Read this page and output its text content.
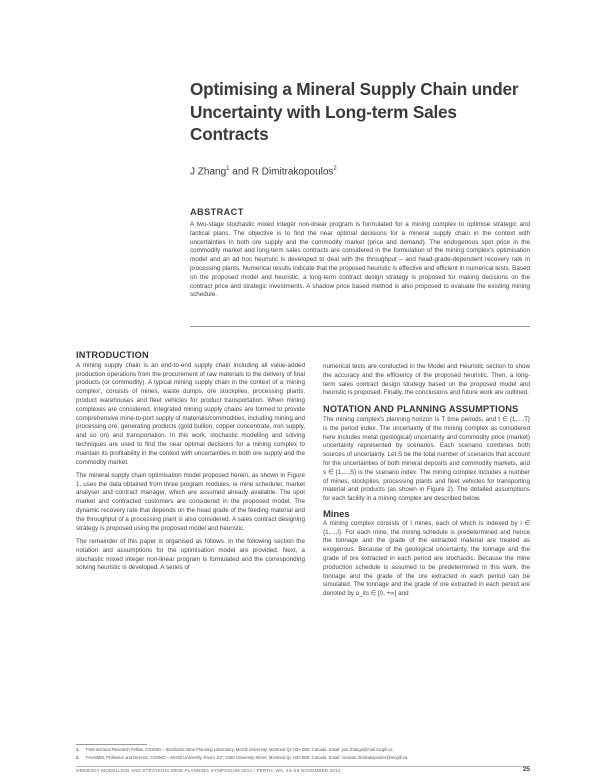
Optimising a Mineral Supply Chain under Uncertainty with Long-term Sales Contracts
J Zhang$^1$ and R Dimitrakopoulos$^2$
ABSTRACT
A two-stage stochastic mixed integer non-linear program is formulated for a mining complex to optimise strategic and tactical plans. The objective is to find the near optimal decisions for a mineral supply chain in the context with uncertainties in both ore supply and the commodity market (price and demand). The endogenous spot price in the commodity market and long-term sales contracts are considered in the formulation of the mining complex's optimisation model and an ad hoc heuristic is developed to deal with the throughput – and head-grade-dependent recovery rate in processing plants. Numerical results indicate that the proposed heuristic is effective and efficient in numerical tests. Based on the proposed model and heuristic, a long-term contract design strategy is proposed for making decisions on the contract price and strategic investments. A shadow price based method is also proposed to evaluate the existing mining schedule.
INTRODUCTION

A mining supply chain is an end-to-end supply chain including all value-added production operations from the procurement of raw materials to the delivery of final products (or commodity). A typical mining supply chain in the context of a 'mining complex', consists of mines, waste dumps, ore stockpiles, processing plants, product warehouses and fleet vehicles for product transportation. When mining complexes are considered, integrated mining supply chains are formed to provide comprehensive mine-to-port supply of materials/commodities, including mining and processing ore, generating products (gold bullion, copper concentrate, iron supply, and so on) and transportation. In this work, stochastic modelling and solving techniques are used to find the near optimal decisions for a mining complex to maintain its profitability in the context with uncertainties in both ore supply and the commodity market.

The mineral supply chain optimisation model proposed herein, as shown in Figure 1, uses the data obtained from three program modules, ie mine scheduler, market analyser and contract manager, which are assumed already available. The spot market and contracted customers are considered in the proposed model. The dynamic recovery rate that depends on the head grade of the feeding material and the throughput of a processing plant is also considered. A sales contract designing strategy is proposed using the proposed model and heuristic.

The remainder of this paper is organised as follows. In the following section the notation and assumptions for the optimisation model are provided. Next, a stochastic mixed integer non-linear program is formulated and the corresponding solving heuristic is developed. A series of

numerical tests are conducted in the Model and Heuristic section to show the accuracy and the efficiency of the proposed heuristic. Then, a long-term sales contract design strategy based on the proposed model and heuristic is proposed. Finally, the conclusions and future work are outlined.

NOTATION AND PLANNING ASSUMPTIONS

The mining complex's planning horizon is T time periods, and t ∈ {1,...,T} is the period index. The uncertainty of the mining complex as considered here includes metal (geological) uncertainty and commodity price (market) uncertainty represented by scenarios. Each scenario combines both sources of uncertainty. Let S be the total number of scenarios that account for the uncertainties of both mineral deposits and commodity markets, and s ∈ {1,...,S} is the scenario index. The mining complex includes a number of mines, stockpiles, processing plants and fleet vehicles for transporting material and products (as shown in Figure 2). The detailed assumptions for each facility in a mining complex are described below.

Mines

A mining complex consists of I mines, each of which is indexed by i ∈ {1,...,I}. For each mine, the mining schedule is predetermined and hence the tonnage and the grade of the extracted material are treated as exogenous. Because of the geological uncertainty, the tonnage and the grade of ore extracted in each period are stochastic. Because the mine production schedule is assumed to be predetermined in this work, the tonnage and the grade of the ore extracted in each period can be simulated. The tonnage and the grade of ore extracted in each period are denoted by α_its ∈ [0, +∞] and

1. Post-doctoral Research Fellow, COSMO – Stochastic Mine Planning Laboratory, McGill University, Montreal Qc H3A 0E8, Canada. Email: jian.zhang4@mail.mcgill.ca
2. FAusIMM, Professor and Director, COSMO – McGill University, Room 107, 3450 University Street, Montreal Qc H3A 0E8, Canada. Email: roussos.dimitrakopoulos@mcgill.ca
OREBODY MODELLING AND STRATEGIC MINE PLANNING SYMPOSIUM 2014 / PERTH, WA, 24–26 NOVEMBER 2014	25
